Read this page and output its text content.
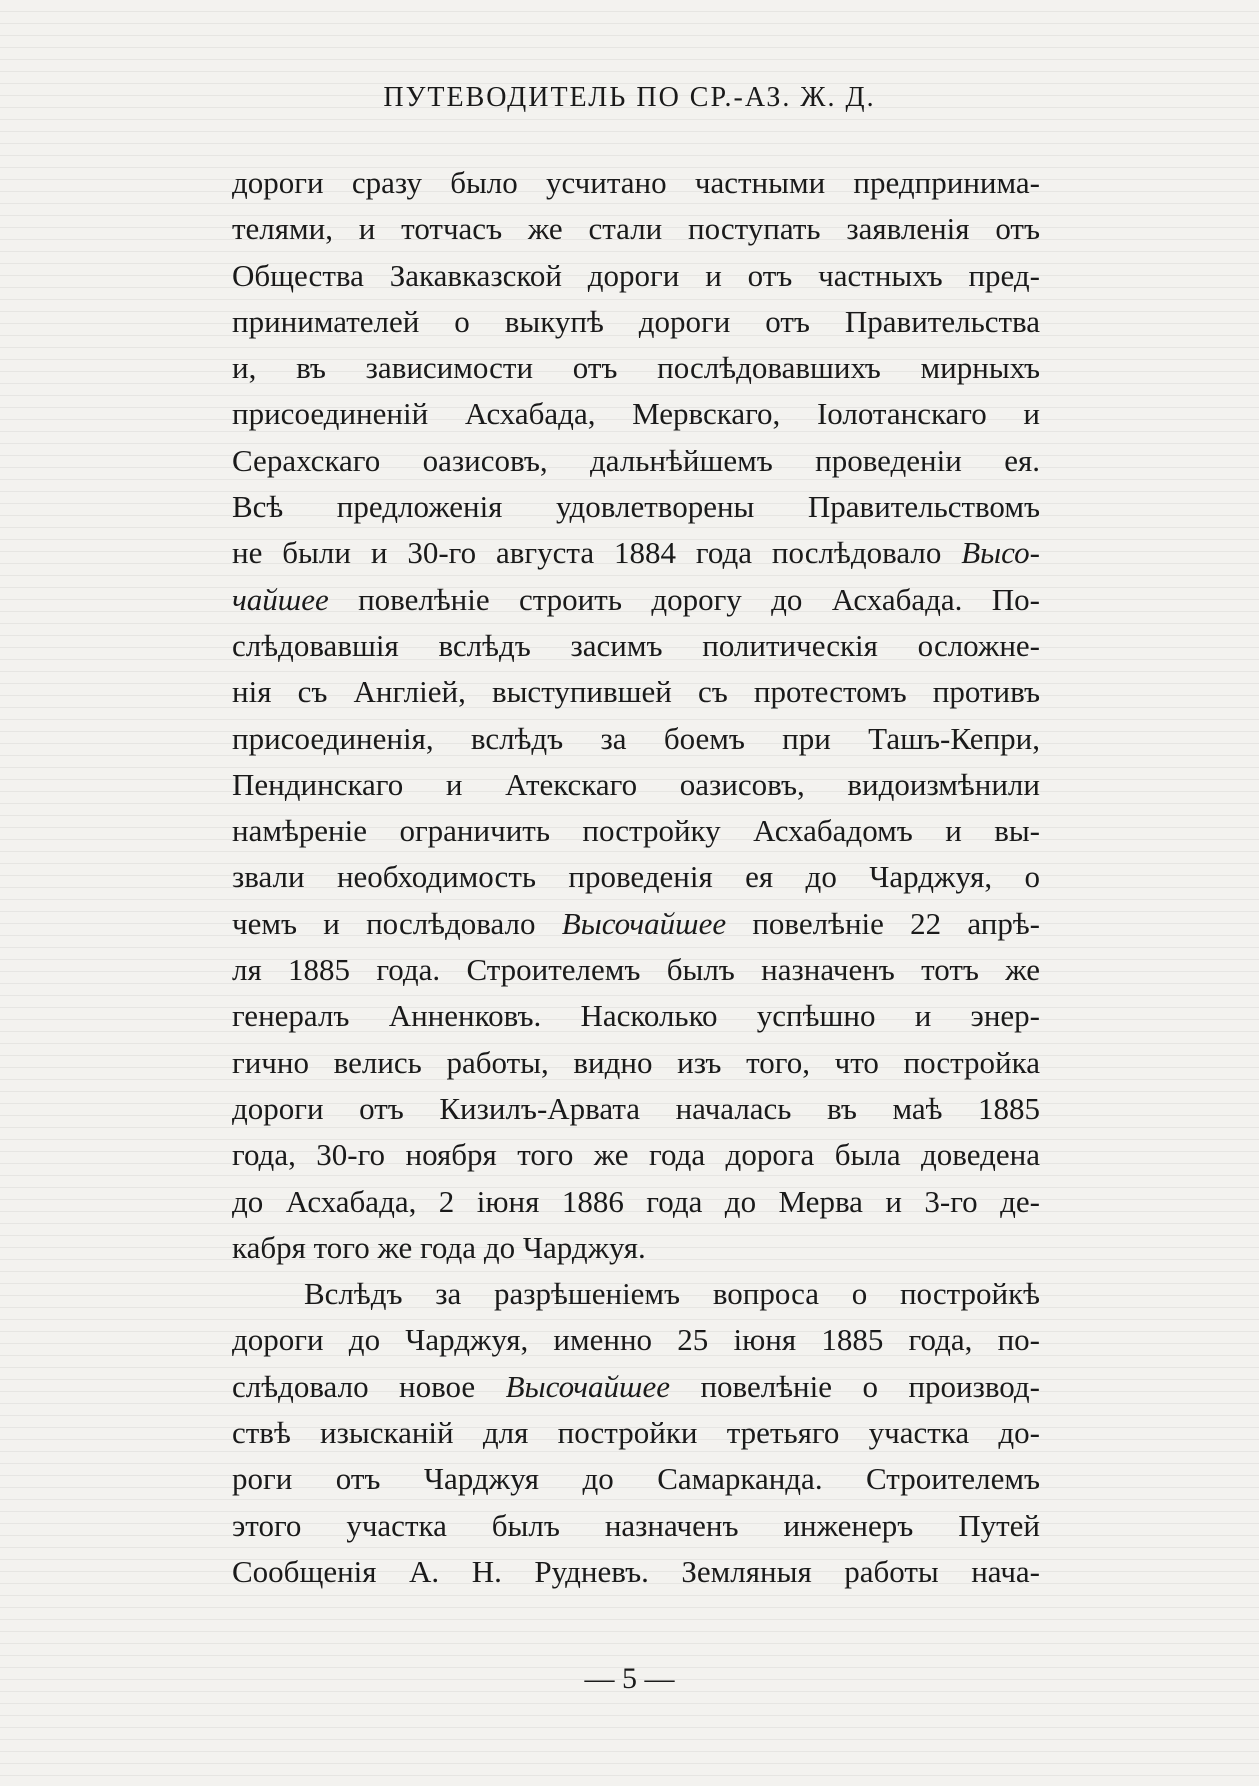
ПУТЕВОДИТЕЛЬ ПО СР.-АЗ. Ж. Д.
дороги сразу было усчитано частными предпринима-
телями, и тотчасъ же стали поступать заявленія отъ
Общества Закавказской дороги и отъ частныхъ пред-
принимателей о выкупѣ дороги отъ Правительства
и, въ зависимости отъ послѣдовавшихъ мирныхъ
присоединеній Асхабада, Мервскаго, Іолотанскаго и
Серахскаго оазисовъ, дальнѣйшемъ проведеніи ея.
Всѣ предложенія удовлетворены Правительствомъ
не были и 30-го августа 1884 года послѣдовало Высо-
чайшее повелѣніе строить дорогу до Асхабада. По-
слѣдовавшія вслѣдъ засимъ политическія осложне-
нія съ Англіей, выступившей съ протестомъ противъ
присоединенія, вслѣдъ за боемъ при Ташъ-Кепри,
Пендинскаго и Атекскаго оазисовъ, видоизмѣнили
намѣреніе ограничить постройку Асхабадомъ и вы-
звали необходимость проведенія ея до Чарджуя, о
чемъ и послѣдовало Высочайшее повелѣніе 22 апрѣ-
ля 1885 года. Строителемъ былъ назначенъ тотъ же
генералъ Анненковъ. Насколько успѣшно и энер-
гично велись работы, видно изъ того, что постройка
дороги отъ Кизилъ-Арвата началась въ маѣ 1885
года, 30-го ноября того же года дорога была доведена
до Асхабада, 2 іюня 1886 года до Мерва и 3-го де-
кабря того же года до Чарджуя.
Вслѣдъ за разрѣшеніемъ вопроса о постройкѣ
дороги до Чарджуя, именно 25 іюня 1885 года, по-
слѣдовало новое Высочайшее повелѣніе о производ-
ствѣ изысканій для постройки третьяго участка до-
роги отъ Чарджуя до Самарканда. Строителемъ
этого участка былъ назначенъ инженеръ Путей
Сообщенія А. Н. Рудневъ. Земляныя работы нача-
— 5 —
